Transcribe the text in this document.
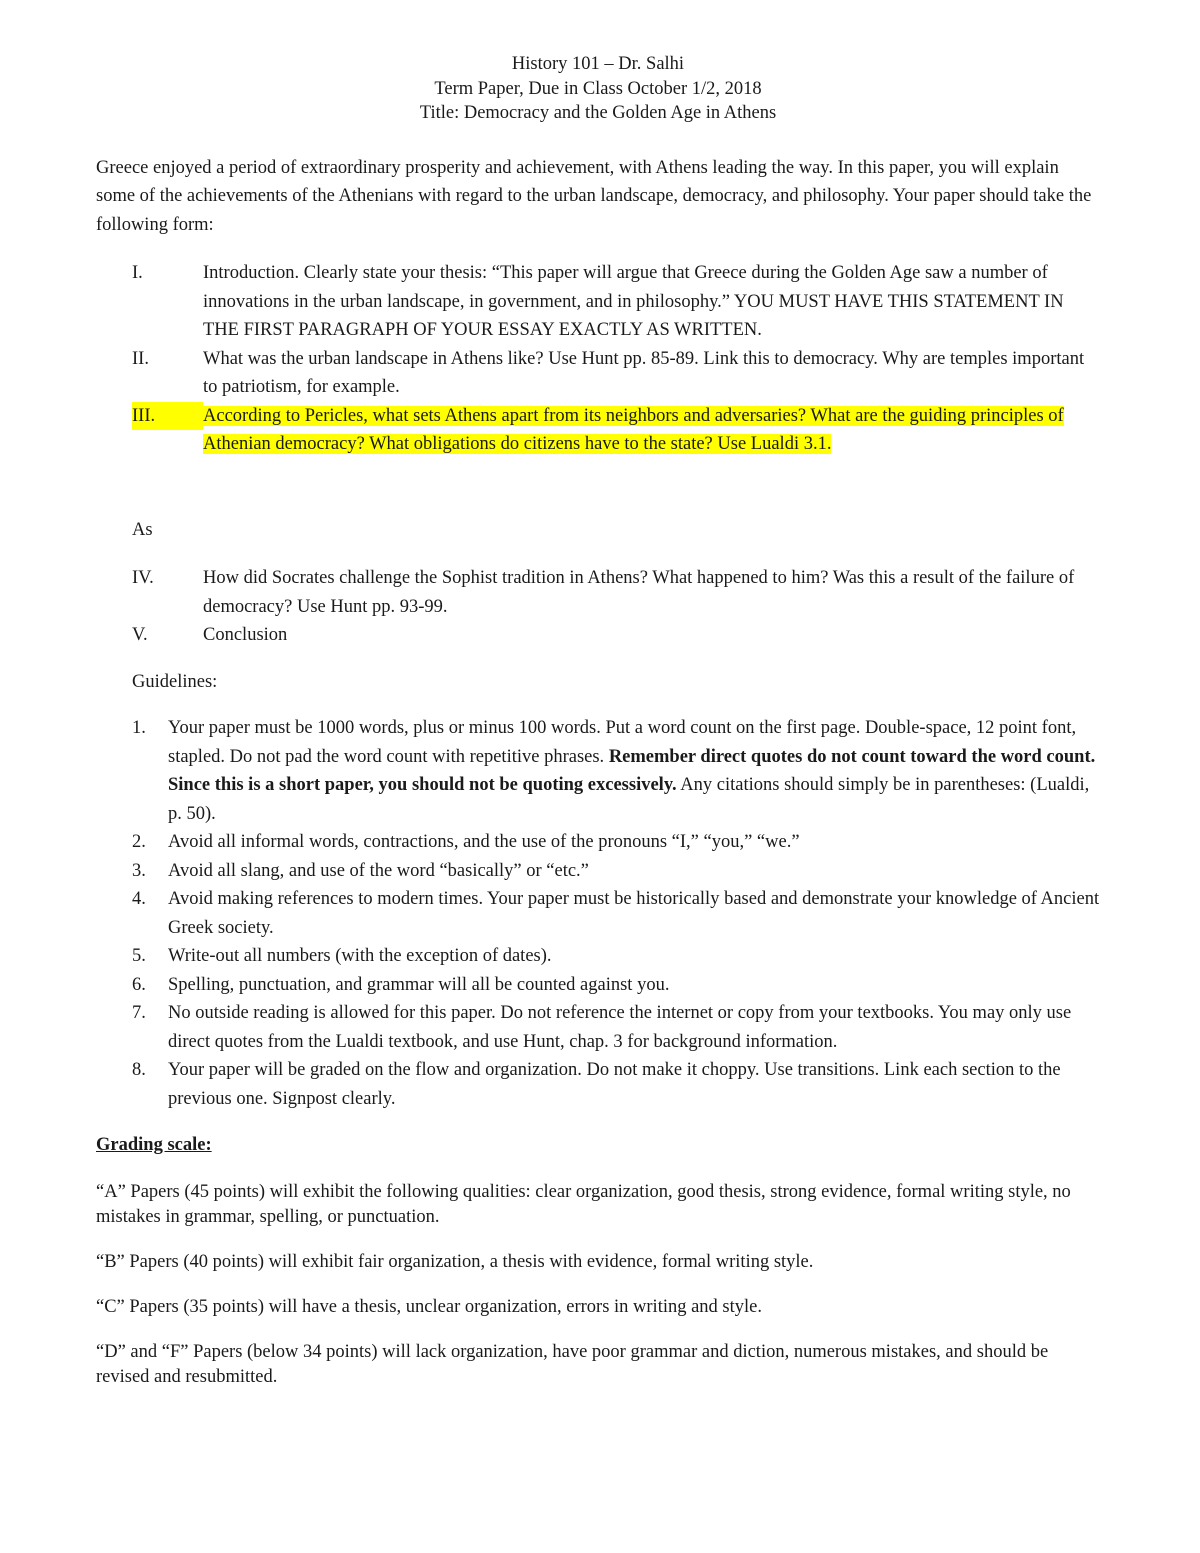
History 101 – Dr. Salhi
Term Paper, Due in Class October 1/2, 2018
Title: Democracy and the Golden Age in Athens
Greece enjoyed a period of extraordinary prosperity and achievement, with Athens leading the way. In this paper, you will explain some of the achievements of the Athenians with regard to the urban landscape, democracy, and philosophy. Your paper should take the following form:
I.	Introduction. Clearly state your thesis: “This paper will argue that Greece during the Golden Age saw a number of innovations in the urban landscape, in government, and in philosophy.” YOU MUST HAVE THIS STATEMENT IN THE FIRST PARAGRAPH OF YOUR ESSAY EXACTLY AS WRITTEN.
II.	What was the urban landscape in Athens like? Use Hunt pp. 85-89. Link this to democracy. Why are temples important to patriotism, for example.
III.	According to Pericles, what sets Athens apart from its neighbors and adversaries? What are the guiding principles of Athenian democracy? What obligations do citizens have to the state? Use Lualdi 3.1.
As
IV.	How did Socrates challenge the Sophist tradition in Athens? What happened to him? Was this a result of the failure of democracy? Use Hunt pp. 93-99.
V.	Conclusion
Guidelines:
1.	Your paper must be 1000 words, plus or minus 100 words. Put a word count on the first page. Double-space, 12 point font, stapled. Do not pad the word count with repetitive phrases. Remember direct quotes do not count toward the word count. Since this is a short paper, you should not be quoting excessively. Any citations should simply be in parentheses: (Lualdi, p. 50).
2.	Avoid all informal words, contractions, and the use of the pronouns “I,” “you,” “we.”
3.	Avoid all slang, and use of the word “basically” or “etc.”
4.	Avoid making references to modern times. Your paper must be historically based and demonstrate your knowledge of Ancient Greek society.
5.	Write-out all numbers (with the exception of dates).
6.	Spelling, punctuation, and grammar will all be counted against you.
7.	No outside reading is allowed for this paper. Do not reference the internet or copy from your textbooks. You may only use direct quotes from the Lualdi textbook, and use Hunt, chap. 3 for background information.
8.	Your paper will be graded on the flow and organization. Do not make it choppy. Use transitions. Link each section to the previous one. Signpost clearly.
Grading scale:
“A” Papers (45 points) will exhibit the following qualities: clear organization, good thesis, strong evidence, formal writing style, no mistakes in grammar, spelling, or punctuation.
“B” Papers (40 points) will exhibit fair organization, a thesis with evidence, formal writing style.
“C” Papers (35 points) will have a thesis, unclear organization, errors in writing and style.
“D” and “F” Papers (below 34 points) will lack organization, have poor grammar and diction, numerous mistakes, and should be revised and resubmitted.
